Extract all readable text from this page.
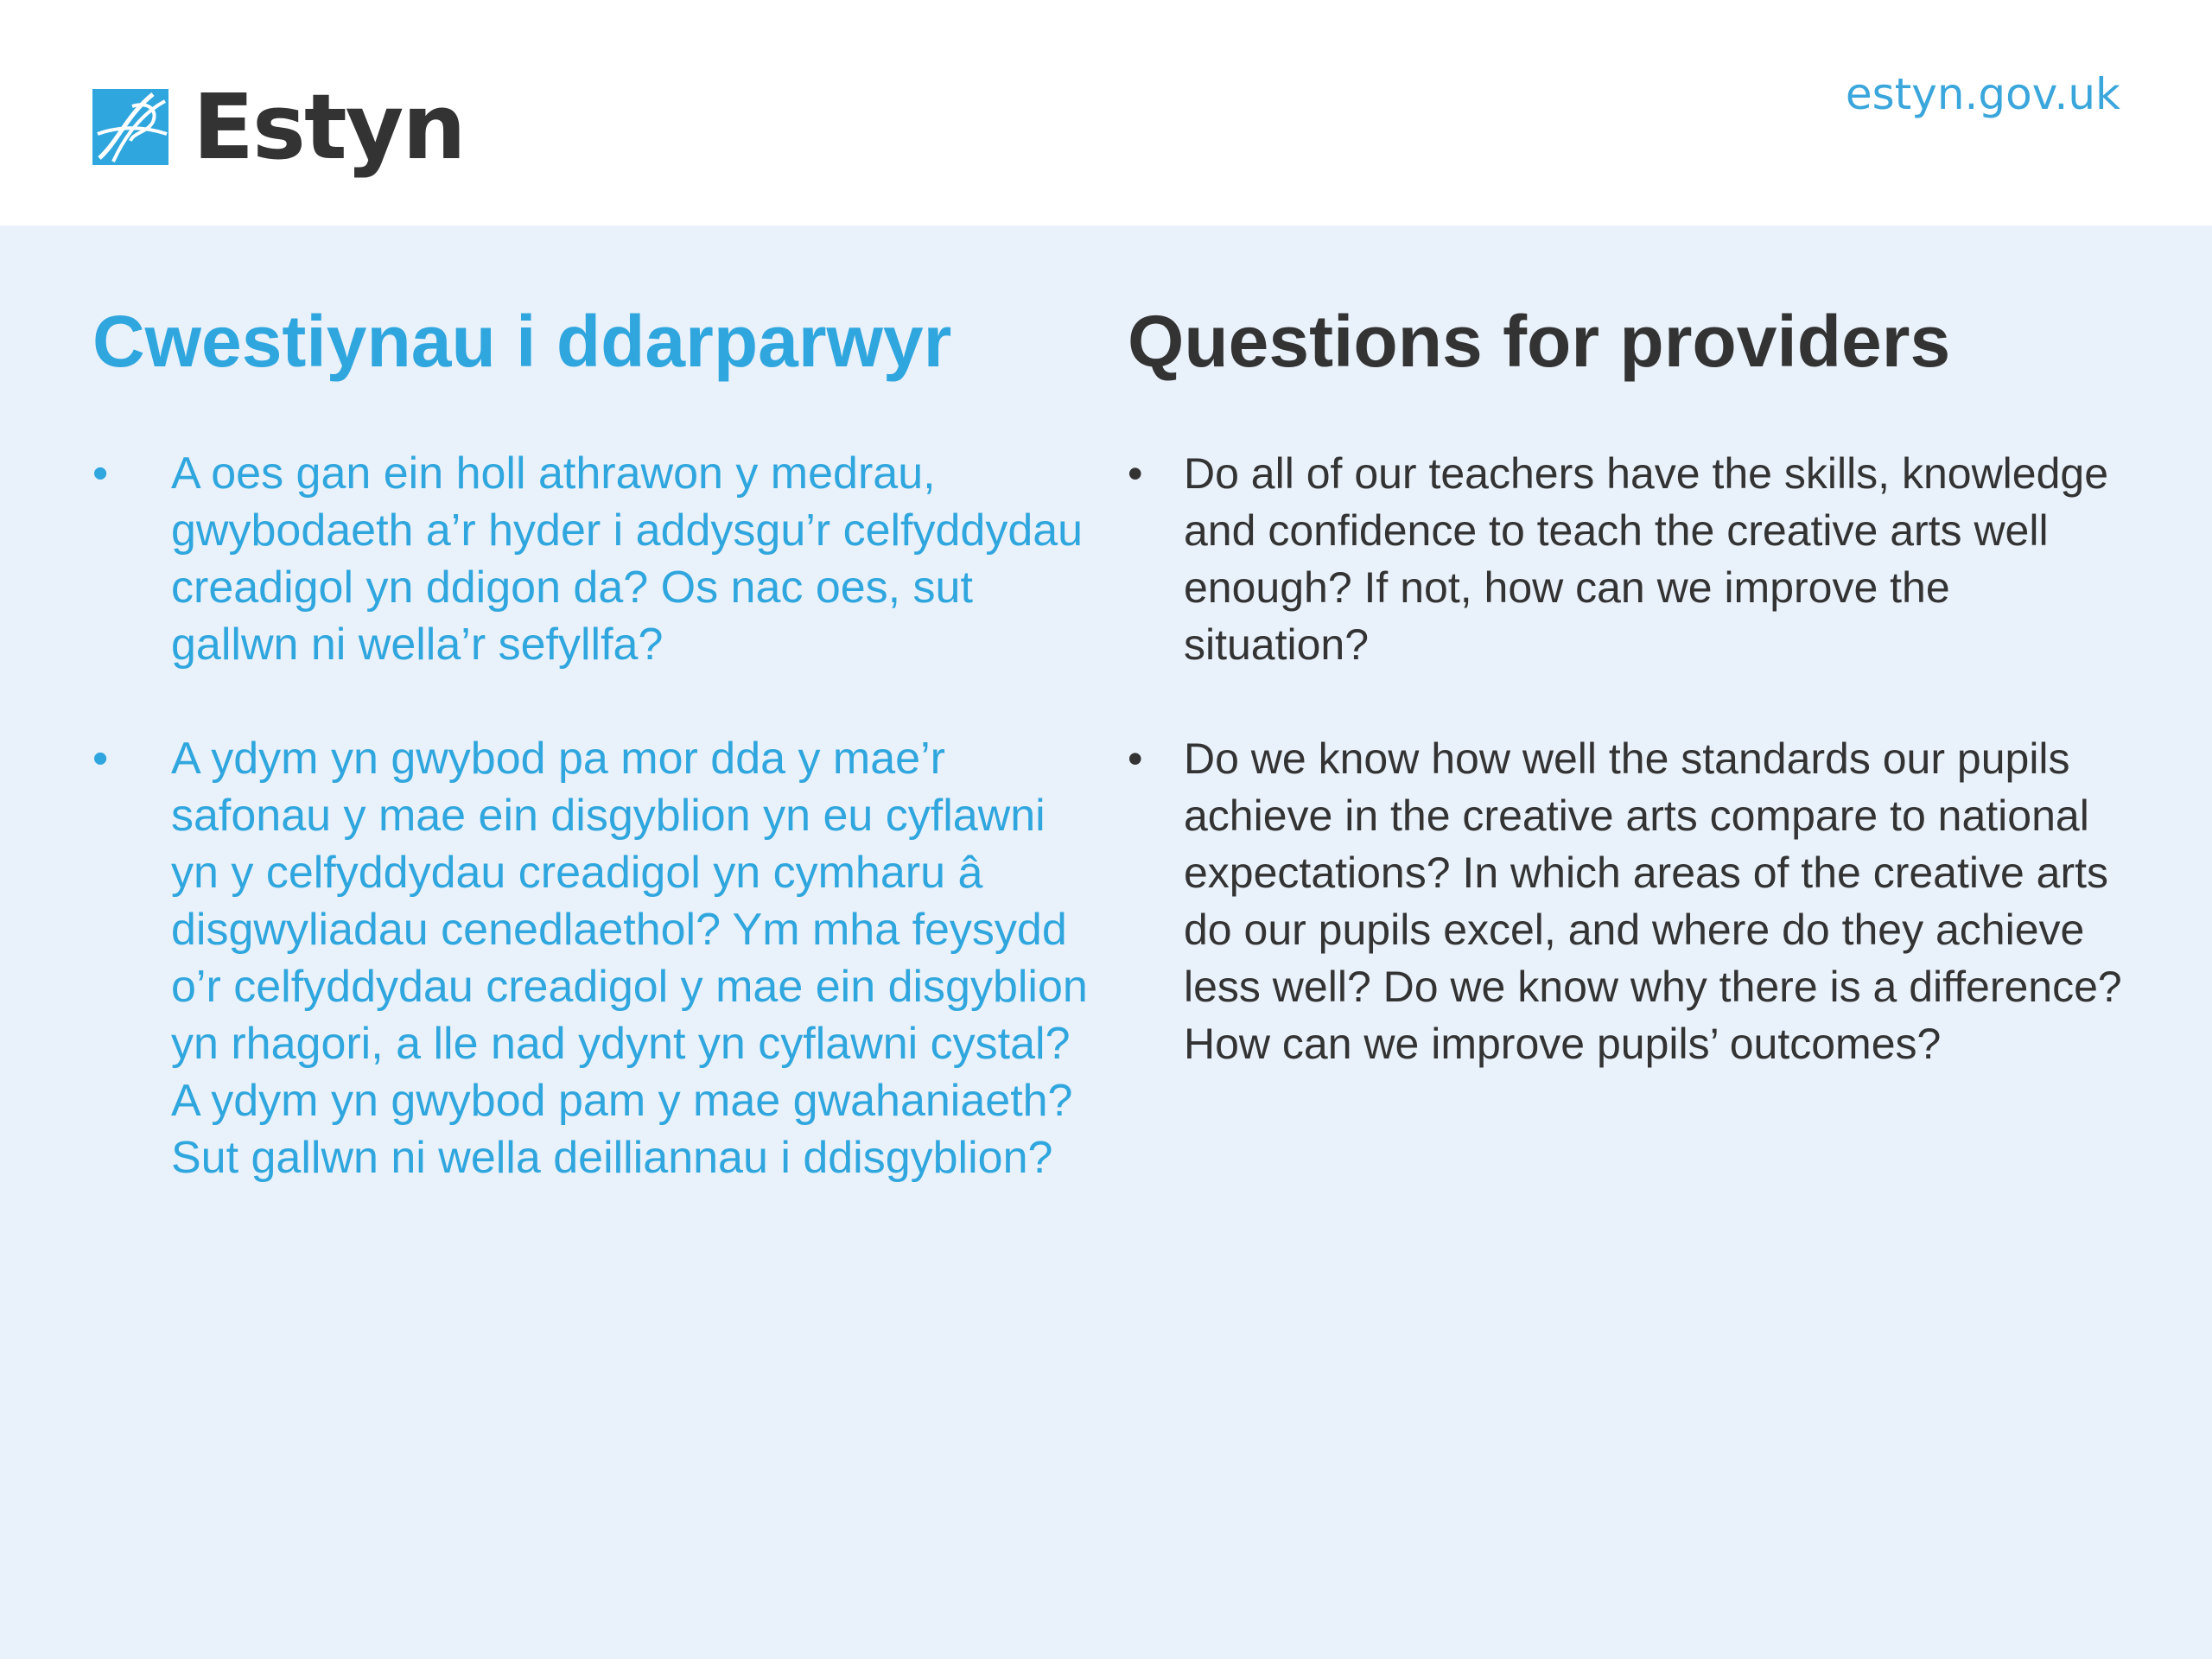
Estyn	estyn.gov.uk
Cwestiynau i ddarparwyr
• A oes gan ein holl athrawon y medrau, gwybodaeth a’r hyder i addysgu’r celfyddydau creadigol yn ddigon da? Os nac oes, sut gallwn ni wella’r sefyllfa?
• A ydym yn gwybod pa mor dda y mae’r safonau y mae ein disgyblion yn eu cyflawni yn y celfyddydau creadigol yn cymharu â disgwyliadau cenedlaethol? Ym mha feysydd o’r celfyddydau creadigol y mae ein disgyblion yn rhagori, a lle nad ydynt yn cyflawni cystal? A ydym yn gwybod pam y mae gwahaniaeth? Sut gallwn ni wella deilliannau i ddisgyblion?
Questions for providers
• Do all of our teachers have the skills, knowledge and confidence to teach the creative arts well enough? If not, how can we improve the situation?
• Do we know how well the standards our pupils achieve in the creative arts compare to national expectations? In which areas of the creative arts do our pupils excel, and where do they achieve less well? Do we know why there is a difference? How can we improve pupils’ outcomes?
